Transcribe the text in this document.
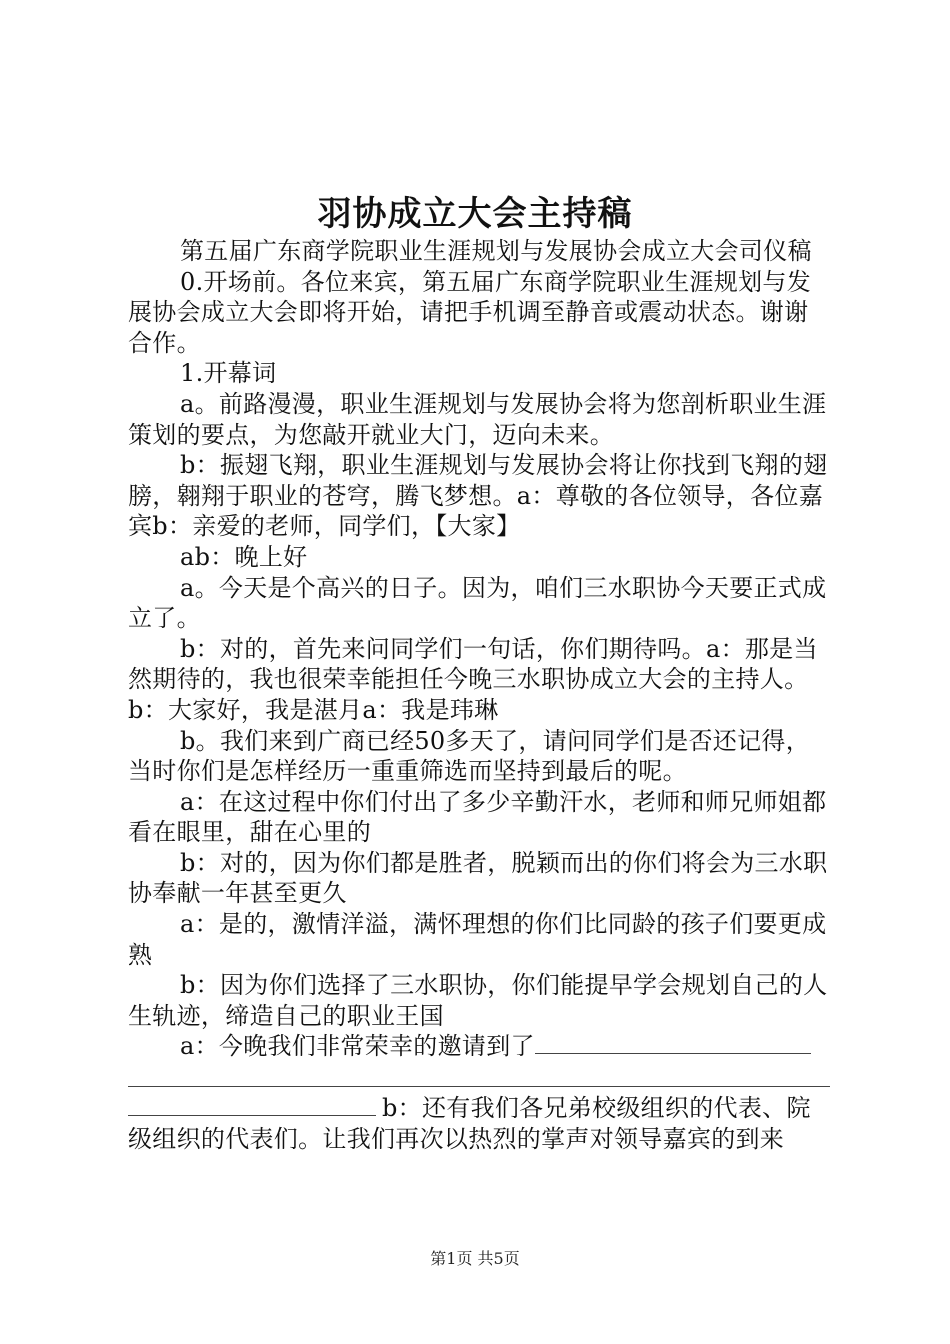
羽协成立大会主持稿

第五届广东商学院职业生涯规划与发展协会成立大会司仪稿

0.开场前。各位来宾，第五届广东商学院职业生涯规划与发展协会成立大会即将开始，请把手机调至静音或震动状态。谢谢合作。

1.开幕词

a。前路漫漫，职业生涯规划与发展协会将为您剖析职业生涯策划的要点，为您敲开就业大门，迈向未来。

b：振翅飞翔，职业生涯规划与发展协会将让你找到飞翔的翅膀，翱翔于职业的苍穹，腾飞梦想。a：尊敬的各位领导，各位嘉宾b：亲爱的老师，同学们，【大家】

ab：晚上好

a。今天是个高兴的日子。因为，咱们三水职协今天要正式成立了。

b：对的，首先来问同学们一句话，你们期待吗。a：那是当然期待的，我也很荣幸能担任今晚三水职协成立大会的主持人。b：大家好，我是湛月a：我是玮琳

b。我们来到广商已经50多天了，请问同学们是否还记得，当时你们是怎样经历一重重筛选而坚持到最后的呢。

a：在这过程中你们付出了多少辛勤汗水，老师和师兄师姐都看在眼里，甜在心里的

b：对的，因为你们都是胜者，脱颖而出的你们将会为三水职协奉献一年甚至更久

a：是的，激情洋溢，满怀理想的你们比同龄的孩子们要更成熟

b：因为你们选择了三水职协，你们能提早学会规划自己的人生轨迹，缔造自己的职业王国

a：今晚我们非常荣幸的邀请到了

b：还有我们各兄弟校级组织的代表、院级组织的代表们。让我们再次以热烈的掌声对领导嘉宾的到来

第1页 共5页
